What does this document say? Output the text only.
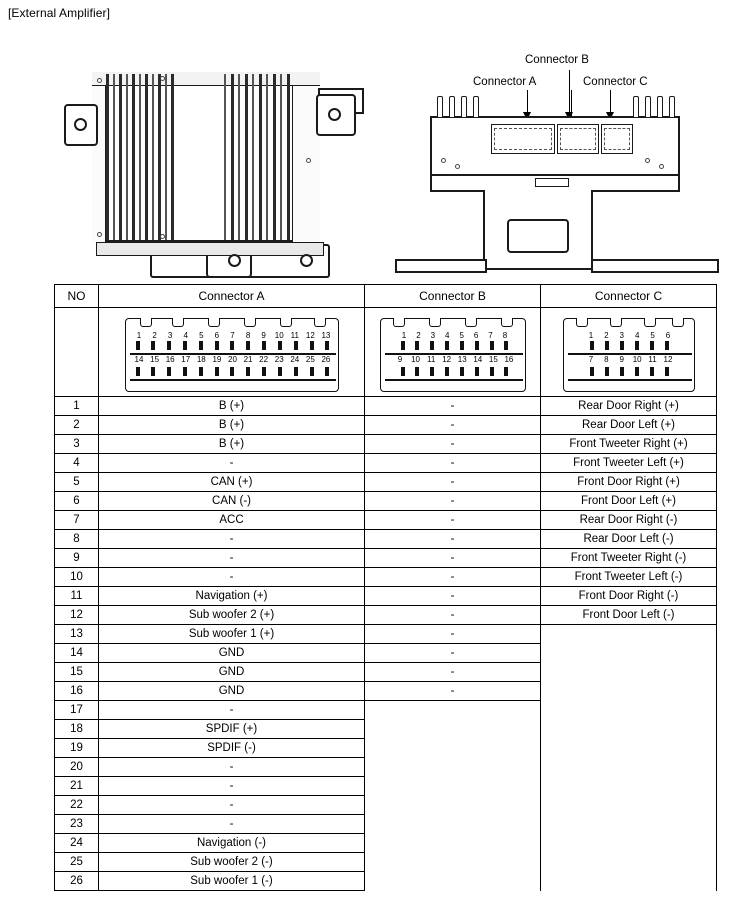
[External Amplifier]
Connector B
Connector A	Connector C
NO	Connector A	Connector B	Connector C

1	2	3	4	5	6	7	8	9	10 11 12 13
14 15 16 17 18 19 20 21 22 23 24 25 26

1	2	3	4	5	6	7	8
9	10 11 12 13 14 15 16

1	2	3	4	5	6
7	8	9	10 11 12

1	B (+)	-	Rear Door Right (+)
2	B (+)	-	Rear Door Left (+)
3	B (+)	-	Front Tweeter Right (+)
4	-	-	Front Tweeter Left (+)
5	CAN (+)	-	Front Door Right (+)
6	CAN (-)	-	Front Door Left (+)
7	ACC	-	Rear Door Right (-)
8	-	-	Rear Door Left (-)
9	-	-	Front Tweeter Right (-)
10	-	-	Front Tweeter Left (-)
11	Navigation (+)	-	Front Door Right (-)
12	Sub woofer 2 (+)	-	Front Door Left (-)
13	Sub woofer 1 (+)	-	
14	GND	-	
15	GND	-	
16	GND	-	
17	-		
18	SPDIF (+)		
19	SPDIF (-)		
20	-		
21	-		
22	-		
23	-		
24	Navigation (-)		
25	Sub woofer 2 (-)		
26	Sub woofer 1 (-)		
